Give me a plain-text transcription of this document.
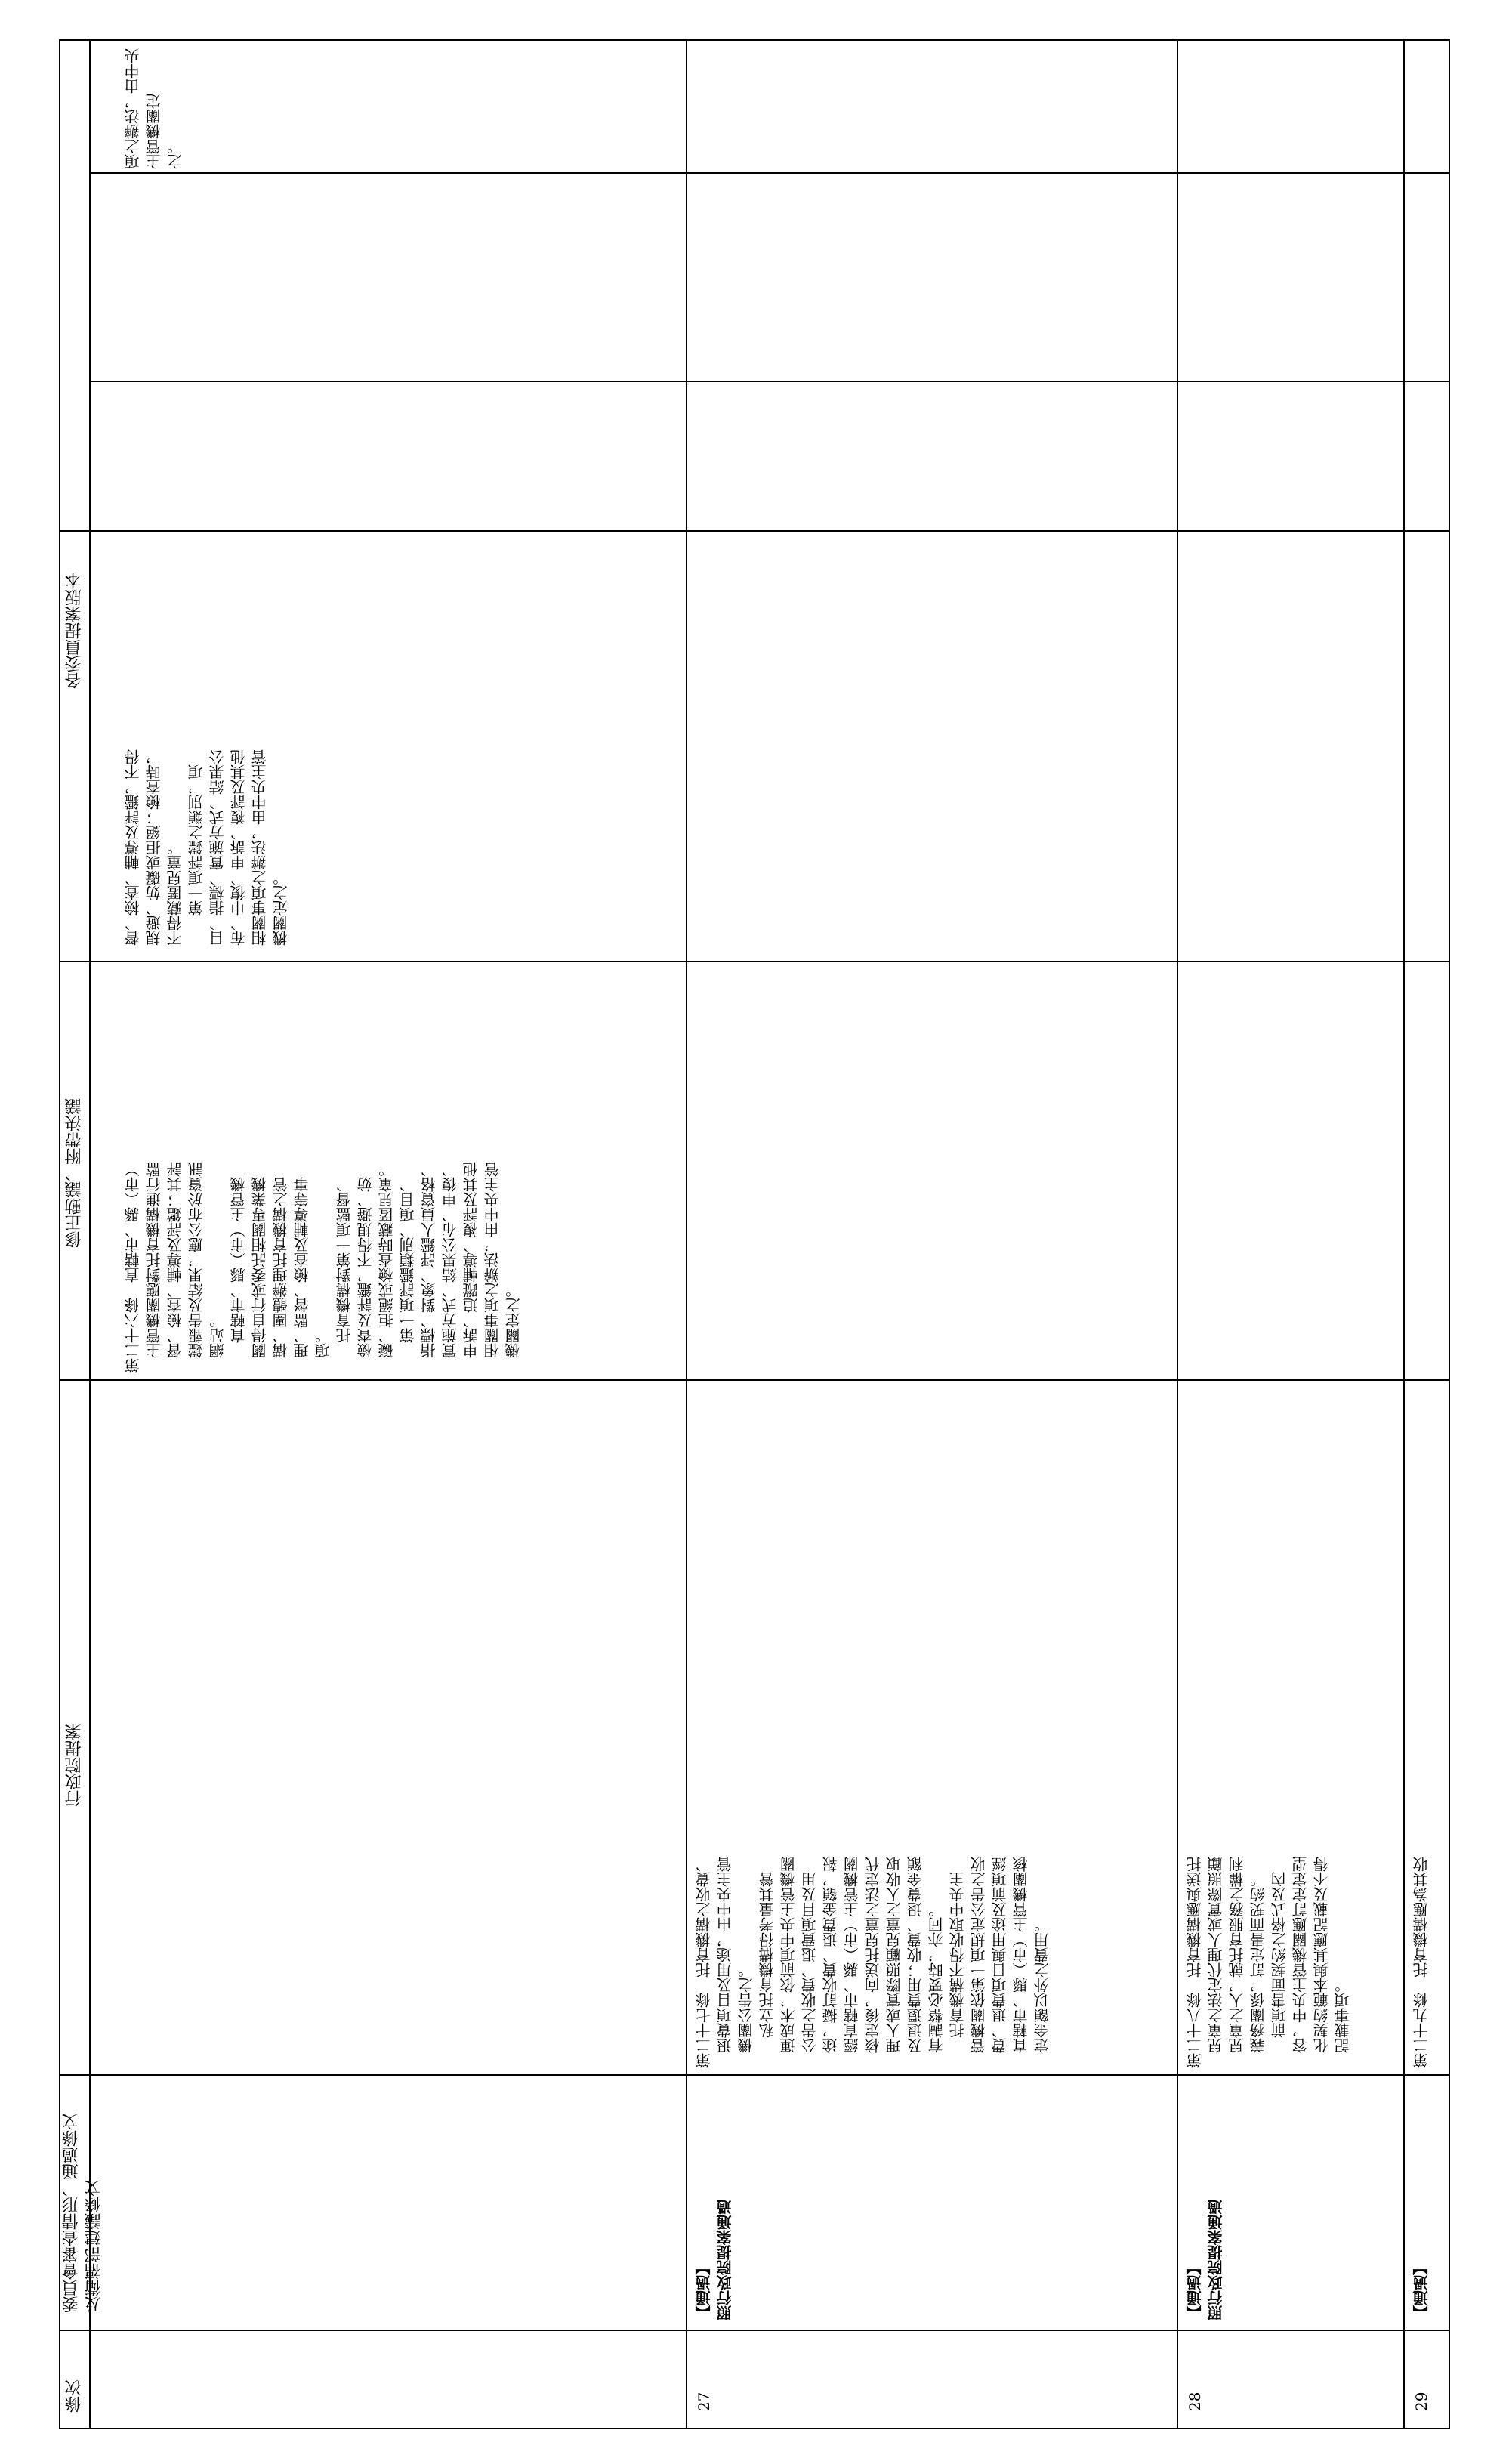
條次
委員會審查情形、通過條文
及衛福部建議條文
行政院提案
修正動議、附帶決議
各委員提案版本
第二十六條　直轄市、縣（市）
　主管機關應對托育機構進行監
　督、檢查、輔導及評鑑；其評
　鑑報告及結果，應公布於資訊
　網站。
　　直轄市、縣（市）主管機
　關得自行或委託相關專業機
　構、團體辦理托育機構之管
　理、監督、檢查及輔導等事
　項。
　　托育機構對第一項監督、
　檢查及評鑑，不得規避、妨
　礙、拒絕或檢查時藏匿兒童。
　　第一項評鑑類別、項目、
　指標、對象、評鑑人員資格、
　實施方式、結果公布、申復、
　申訴、追蹤輔導、複評及其他
　相關事項之辦法，由中央主管
　機關定之。
督、檢查、輔導及評鑑，不得
規避、妨礙或拒絕；檢查時，
不得藏匿兒童。
　　第一項評鑑之類別，項
目、指標、實施方式、結果公
布、申復、申訴、複評及其他
相關事項之辦法，由中央主管
機關定之。
項之辦法，由中央主管機關定
之。
27
【通過】 照行政院提案通過
第二十七條　托育機構之收費、
　退費項目及用途，由中央主管
　機關公告之。
　　私立托育機構得考量其營
　運成本，依前項中央主管機關
　公告之收費、退費項目及用
　途，擬訂收費、退費金額，報
　經直轄市、縣（市）主管機關
　核定後，向送托兒童之法定代
　理人或實際照顧兒童之人收取
　及退還費用；收費、退費金額
　有調整必要時，亦同。
　　托育機構不得收取中央主
　管機關依第一項規定公告之收
　費、退費項目與用途及前項經
　直轄市、縣（市）主管機關核
　定金額以外之費用。
28
【通過】 照行政院提案通過
第二十八條　托育機構應與送托
　兒童之法定代理人或實際照顧
　兒童之人，就托育服務之權利
　義務關係，訂定書面契約。
　　前項書面契約之格式及內
　容，中央主管機關應訂定定型
　化契約範本與其應記載及不得
　記載事項。
29
【通過】
第二十九條　托育機構應為其收
